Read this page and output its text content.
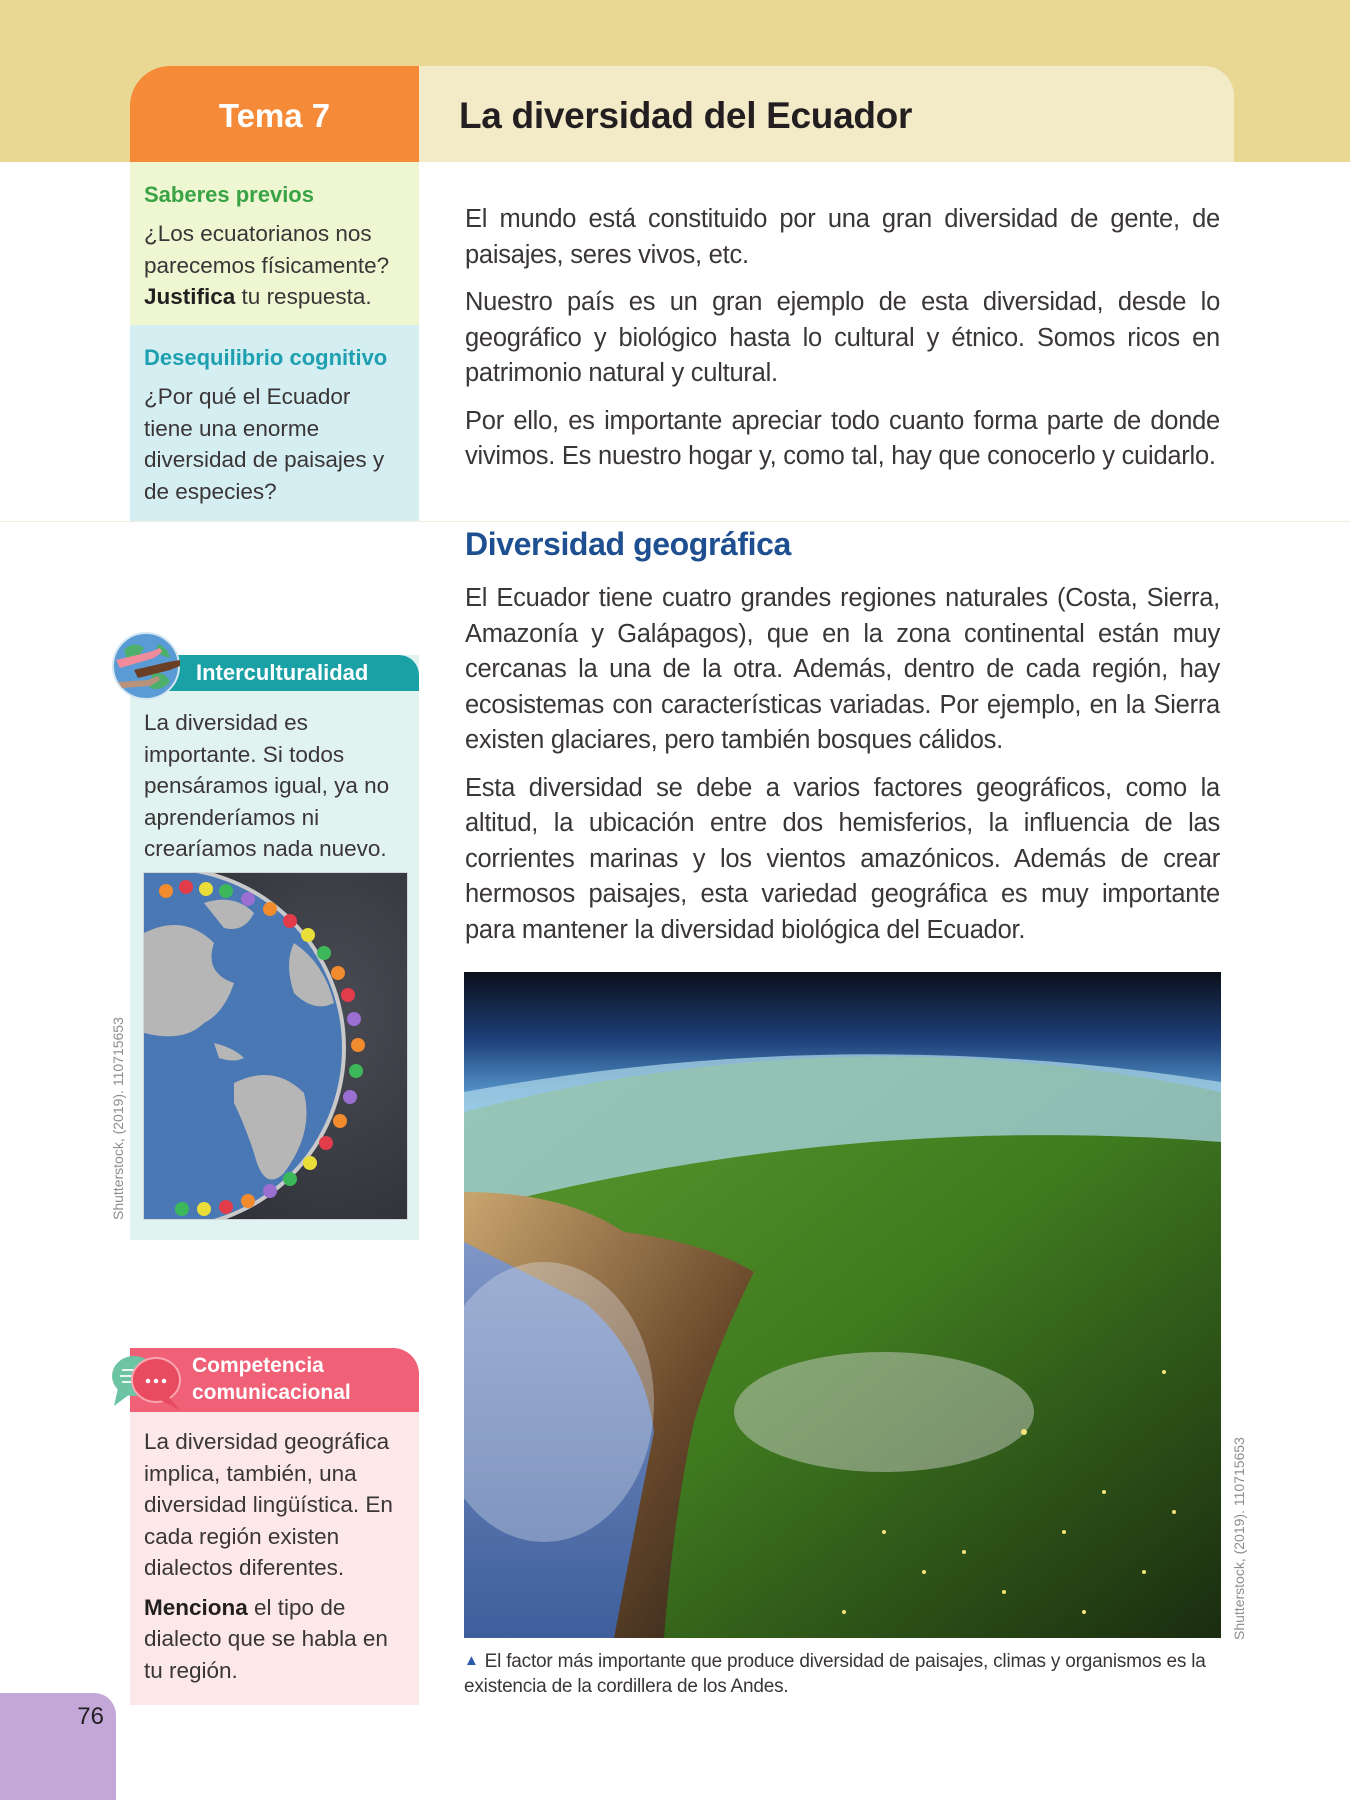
Tema 7	La diversidad del Ecuador
Saberes previos

¿Los ecuatorianos nos parecemos físicamente? Justifica tu respuesta.

Desequilibrio cognitivo

¿Por qué el Ecuador tiene una enorme diversidad de paisajes y de especies?

La diversidad es importante. Si todos pensáramos igual, ya no aprenderíamos ni crearíamos nada nuevo.

Interculturalidad
Shutterstock, (2019). 110715653
Competencia
comunicacional

La diversidad geográfica implica, también, una diversidad lingüística. En cada región existen dialectos diferentes.

Menciona el tipo de dialecto que se habla en tu región.

76

El mundo está constituido por una gran diversidad de gente, de paisajes, seres vivos, etc.

Nuestro país es un gran ejemplo de esta diversidad, desde lo geográfico y biológico hasta lo cultural y étnico. Somos ricos en patrimonio natural y cultural.

Por ello, es importante apreciar todo cuanto forma parte de donde vivimos. Es nuestro hogar y, como tal, hay que conocerlo y cuidarlo.

Diversidad geográfica

El Ecuador tiene cuatro grandes regiones naturales (Costa, Sierra, Amazonía y Galápagos), que en la zona continental están muy cercanas la una de la otra. Además, dentro de cada región, hay ecosistemas con características variadas. Por ejemplo, en la Sierra existen glaciares, pero también bosques cálidos.

Esta diversidad se debe a varios factores geográficos, como la altitud, la ubicación entre dos hemisferios, la influencia de las corrientes marinas y los vientos amazónicos. Además de crear hermosos paisajes, esta variedad geográfica es muy importante para mantener la diversidad biológica del Ecuador.

Shutterstock, (2019). 110715653
▲ El factor más importante que produce diversidad de paisajes, climas y organismos es la existencia de la cordillera de los Andes.
